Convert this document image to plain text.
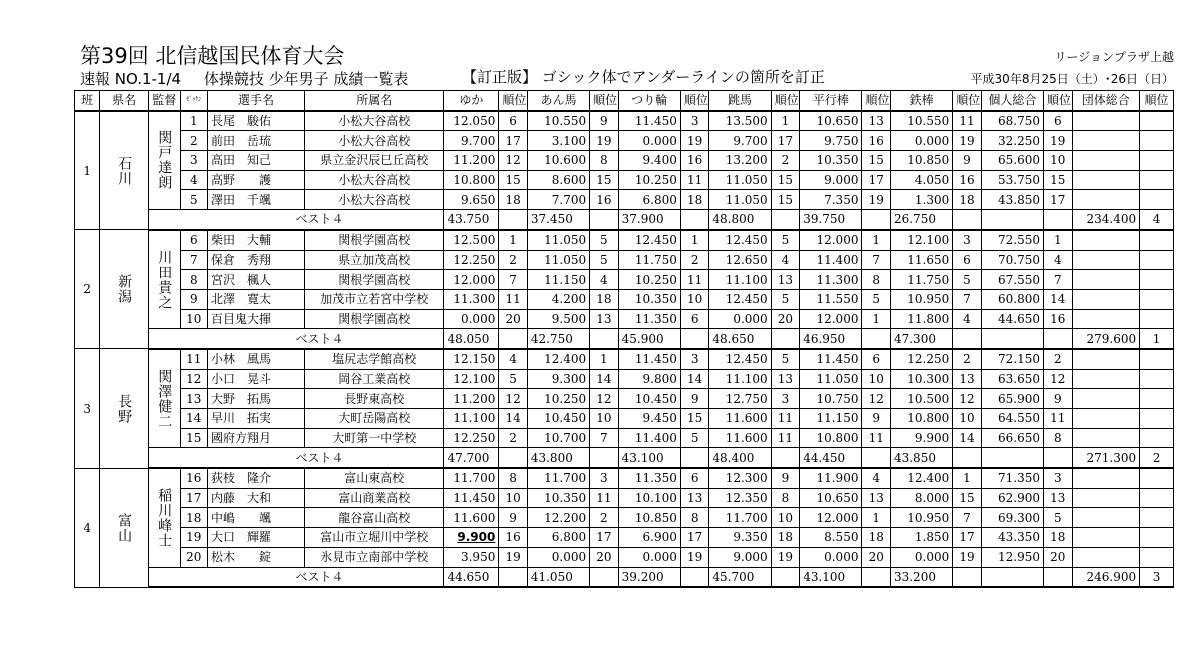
第39回 北信越国民体育大会
速報 NO.1-1/4 体操競技 少年男子 成績一覧表	【訂正版】 ゴシック体でアンダーラインの箇所を訂正
リージョンプラザ上越
平成30年8月25日（土）･26日（日）
班	県名	監督	ｾﾞｯｹﾝ	選手名	所属名	ゆか	順位	あん馬	順位	つり輪	順位	跳馬	順位	平行棒	順位	鉄棒	順位	個人総合	順位	団体総合	順位
1	石川	関戸達朗	1	長尾　駿佑	小松大谷高校	12.050	6	10.550	9	11.450	3	13.500	1	10.650	13	10.550	11	68.750	6		
			2	前田　岳琉	小松大谷高校	9.700	17	3.100	19	0.000	19	9.700	17	9.750	16	0.000	19	32.250	19		
			3	高田　知己	県立金沢辰巳丘高校	11.200	12	10.600	8	9.400	16	13.200	2	10.350	15	10.850	9	65.600	10		
			4	高野　　護	小松大谷高校	10.800	15	8.600	15	10.250	11	11.050	15	9.000	17	4.050	16	53.750	15		
			5	澤田　千颯	小松大谷高校	9.650	18	7.700	16	6.800	18	11.050	15	7.350	19	1.300	18	43.850	17		
		ベスト４				43.750		37.450		37.900		48.800		39.750		26.750				234.400	4
2	新潟	川田貴之	6	柴田　大輔	関根学園高校	12.500	1	11.050	5	12.450	1	12.450	5	12.000	1	12.100	3	72.550	1		
			7	保倉　秀翔	県立加茂高校	12.250	2	11.050	5	11.750	2	12.650	4	11.400	7	11.650	6	70.750	4		
			8	宮沢　楓人	関根学園高校	12.000	7	11.150	4	10.250	11	11.100	13	11.300	8	11.750	5	67.550	7		
			9	北澤　寛太	加茂市立若宮中学校	11.300	11	4.200	18	10.350	10	12.450	5	11.550	5	10.950	7	60.800	14		
			10	百目鬼大揮	関根学園高校	0.000	20	9.500	13	11.350	6	0.000	20	12.000	1	11.800	4	44.650	16		
		ベスト４				48.050		42.750		45.900		48.650		46.950		47.300				279.600	1
3	長野	関澤健二	11	小林　風馬	塩尻志学館高校	12.150	4	12.400	1	11.450	3	12.450	5	11.450	6	12.250	2	72.150	2		
			12	小口　晃斗	岡谷工業高校	12.100	5	9.300	14	9.800	14	11.100	13	11.050	10	10.300	13	63.650	12		
			13	大野　拓馬	長野東高校	11.200	12	10.250	12	10.450	9	12.750	3	10.750	12	10.500	12	65.900	9		
			14	早川　拓実	大町岳陽高校	11.100	14	10.450	10	9.450	15	11.600	11	11.150	9	10.800	10	64.550	11		
			15	國府方翔月	大町第一中学校	12.250	2	10.700	7	11.400	5	11.600	11	10.800	11	9.900	14	66.650	8		
		ベスト４				47.700		43.800		43.100		48.400		44.450		43.850				271.300	2
4	富山	稲川峰士	16	荻枝　隆介	富山東高校	11.700	8	11.700	3	11.350	6	12.300	9	11.900	4	12.400	1	71.350	3		
			17	内藤　大和	富山商業高校	11.450	10	10.350	11	10.100	13	12.350	8	10.650	13	8.000	15	62.900	13		
			18	中嶋　　颯	龍谷富山高校	11.600	9	12.200	2	10.850	8	11.700	10	12.000	1	10.950	7	69.300	5		
			19	大口　輝羅	富山市立堀川中学校	9.900	16	6.800	17	6.900	17	9.350	18	8.550	18	1.850	17	43.350	18		
			20	松木　　錠	氷見市立南部中学校	3.950	19	0.000	20	0.000	19	9.000	19	0.000	20	0.000	19	12.950	20		
		ベスト４				44.650		41.050		39.200		45.700		43.100		33.200				246.900	3
